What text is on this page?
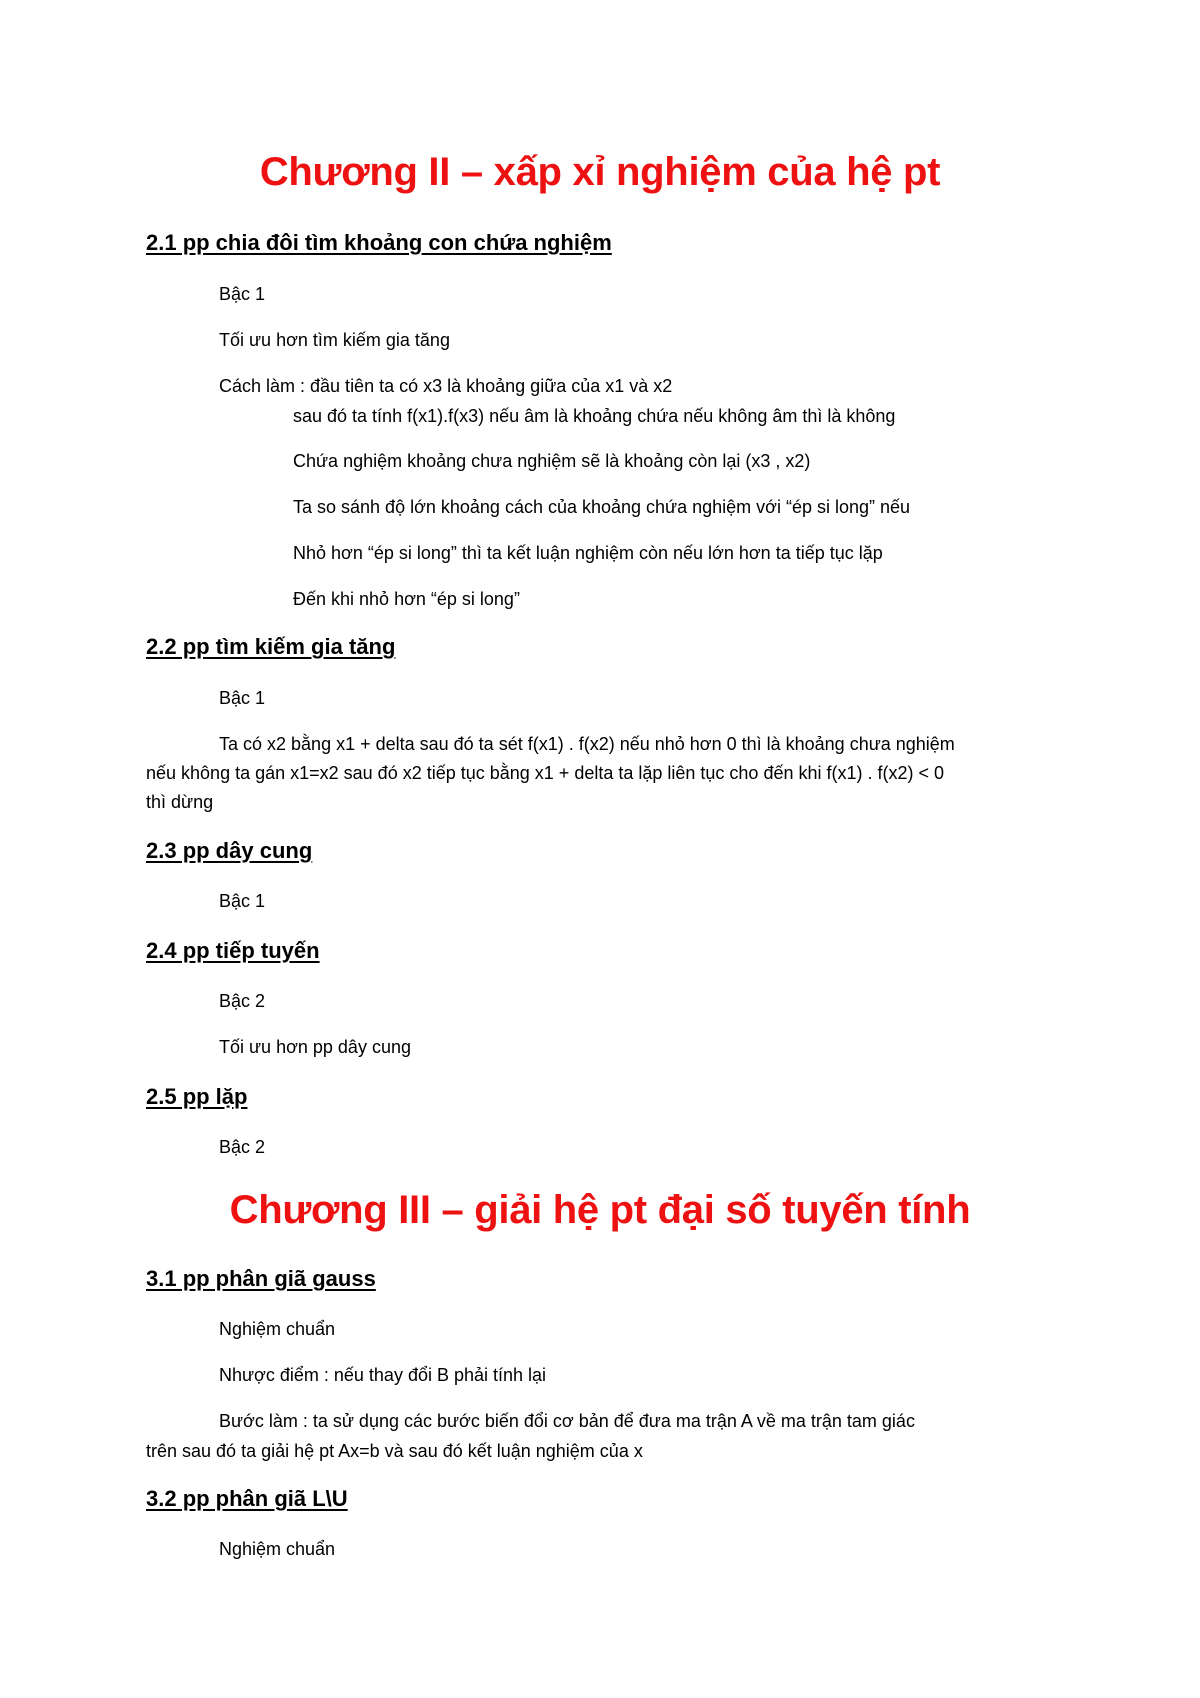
Chương II – xấp xỉ nghiệm của hệ pt
2.1 pp chia đôi tìm khoảng con chứa nghiệm

Bậc 1

Tối ưu hơn tìm kiếm gia tăng

Cách làm : đầu tiên ta có x3 là khoảng giữa của x1 và x2

sau đó ta tính f(x1).f(x3) nếu âm là khoảng chứa nếu không âm thì là không

Chứa nghiệm khoảng chưa nghiệm sẽ là khoảng còn lại (x3 , x2)

Ta so sánh độ lớn khoảng cách của khoảng chứa nghiệm với “ép si long” nếu

Nhỏ hơn “ép si long” thì ta kết luận nghiệm còn nếu lớn hơn ta tiếp tục lặp

Đến khi nhỏ hơn “ép si long”

2.2 pp tìm kiếm gia tăng

Bậc 1

Ta có x2 bằng x1 + delta sau đó ta sét f(x1) . f(x2) nếu nhỏ hơn 0 thì là khoảng chưa nghiệm

nếu không ta gán x1=x2 sau đó x2 tiếp tục bằng x1 + delta ta lặp liên tục cho đến khi f(x1) . f(x2) < 0

thì dừng

2.3 pp dây cung

Bậc 1

2.4 pp tiếp tuyến

Bậc 2

Tối ưu hơn pp dây cung

2.5 pp lặp

Bậc 2

Chương III – giải hệ pt đại số tuyến tính
3.1 pp phân giã gauss

Nghiệm chuẩn

Nhược điểm : nếu thay đổi B phải tính lại

Bước làm : ta sử dụng các bước biến đổi cơ bản để đưa ma trận A về ma trận tam giác

trên sau đó ta giải hệ pt Ax=b và sau đó kết luận nghiệm của x

3.2 pp phân giã L\U

Nghiệm chuẩn
